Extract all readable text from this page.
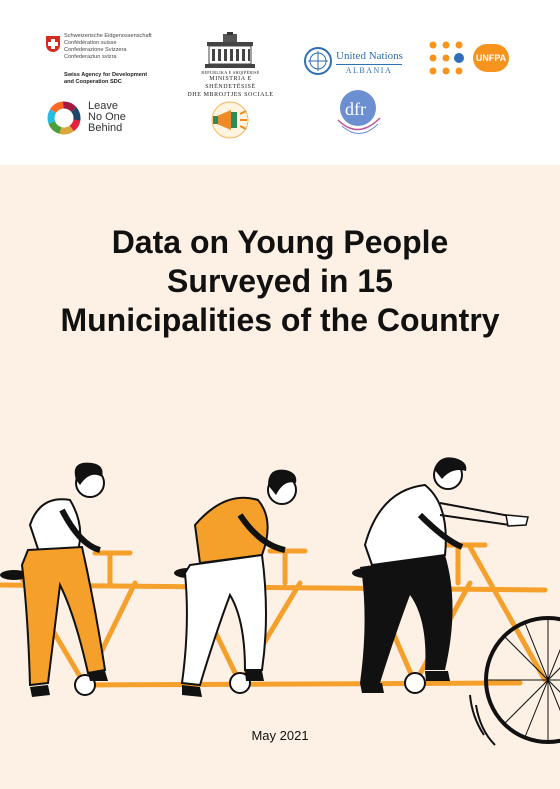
Schweizerische Eidgenossenschaft
Confédération suisse
Confederazione Svizzera
Confederaziun svizra
Swiss Agency for Development
and Cooperation SDC
REPUBLIKA E SHQIPËRISË
MINISTRIA E SHËNDETËSISË
DHE MBROJTJES SOCIALE
United Nations
ALBANIA
UNFPA
Leave
No One
Behind
dfr
Data on Young People Surveyed in 15 Municipalities of the Country
May 2021
